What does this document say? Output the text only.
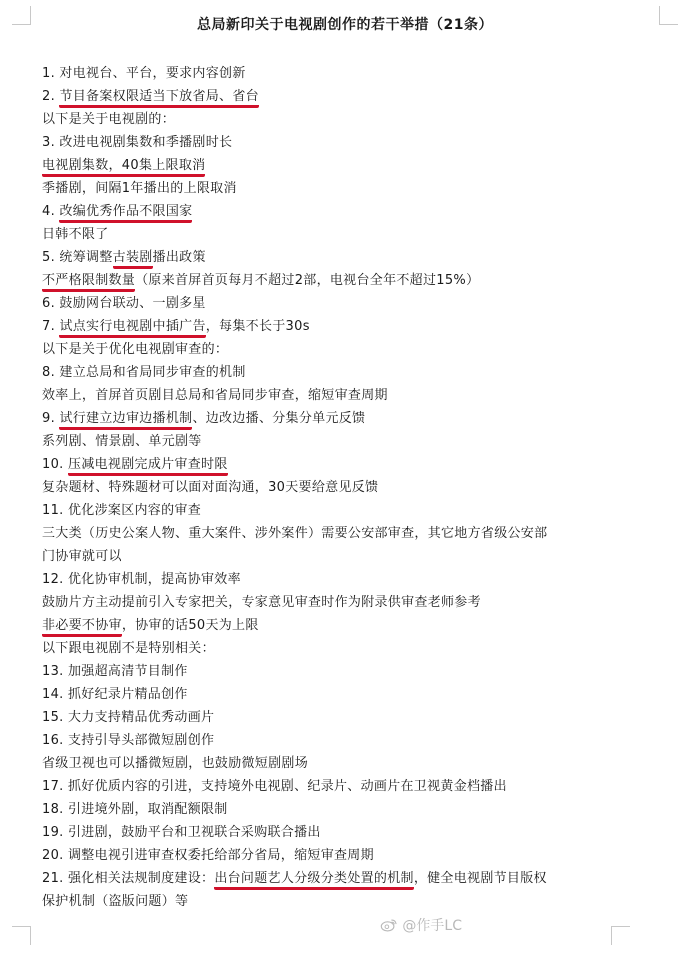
总局新印关于电视剧创作的若干举措（21条）
1. 对电视台、平台，要求内容创新
2. 节目备案权限适当下放省局、省台
以下是关于电视剧的：
3. 改进电视剧集数和季播剧时长
电视剧集数，40集上限取消
季播剧，间隔1年播出的上限取消
4. 改编优秀作品不限国家
日韩不限了
5. 统筹调整古装剧播出政策
不严格限制数量（原来首屏首页每月不超过2部，电视台全年不超过15%）
6. 鼓励网台联动、一剧多星
7. 试点实行电视剧中插广告，每集不长于30s
以下是关于优化电视剧审查的：
8. 建立总局和省局同步审查的机制
效率上，首屏首页剧目总局和省局同步审查，缩短审查周期
9. 试行建立边审边播机制、边改边播、分集分单元反馈
系列剧、情景剧、单元剧等
10. 压减电视剧完成片审查时限
复杂题材、特殊题材可以面对面沟通，30天要给意见反馈
11. 优化涉案区内容的审查
三大类（历史公案人物、重大案件、涉外案件）需要公安部审查，其它地方省级公安部
门协审就可以
12. 优化协审机制，提高协审效率
鼓励片方主动提前引入专家把关，专家意见审查时作为附录供审查老师参考
非必要不协审，协审的话50天为上限
以下跟电视剧不是特别相关：
13. 加强超高清节目制作
14. 抓好纪录片精品创作
15. 大力支持精品优秀动画片
16. 支持引导头部微短剧创作
省级卫视也可以播微短剧，也鼓励微短剧剧场
17. 抓好优质内容的引进，支持境外电视剧、纪录片、动画片在卫视黄金档播出
18. 引进境外剧，取消配额限制
19. 引进剧，鼓励平台和卫视联合采购联合播出
20. 调整电视引进审查权委托给部分省局，缩短审查周期
21. 强化相关法规制度建设：出台问题艺人分级分类处置的机制，健全电视剧节目版权
保护机制（盗版问题）等
@作手LC
